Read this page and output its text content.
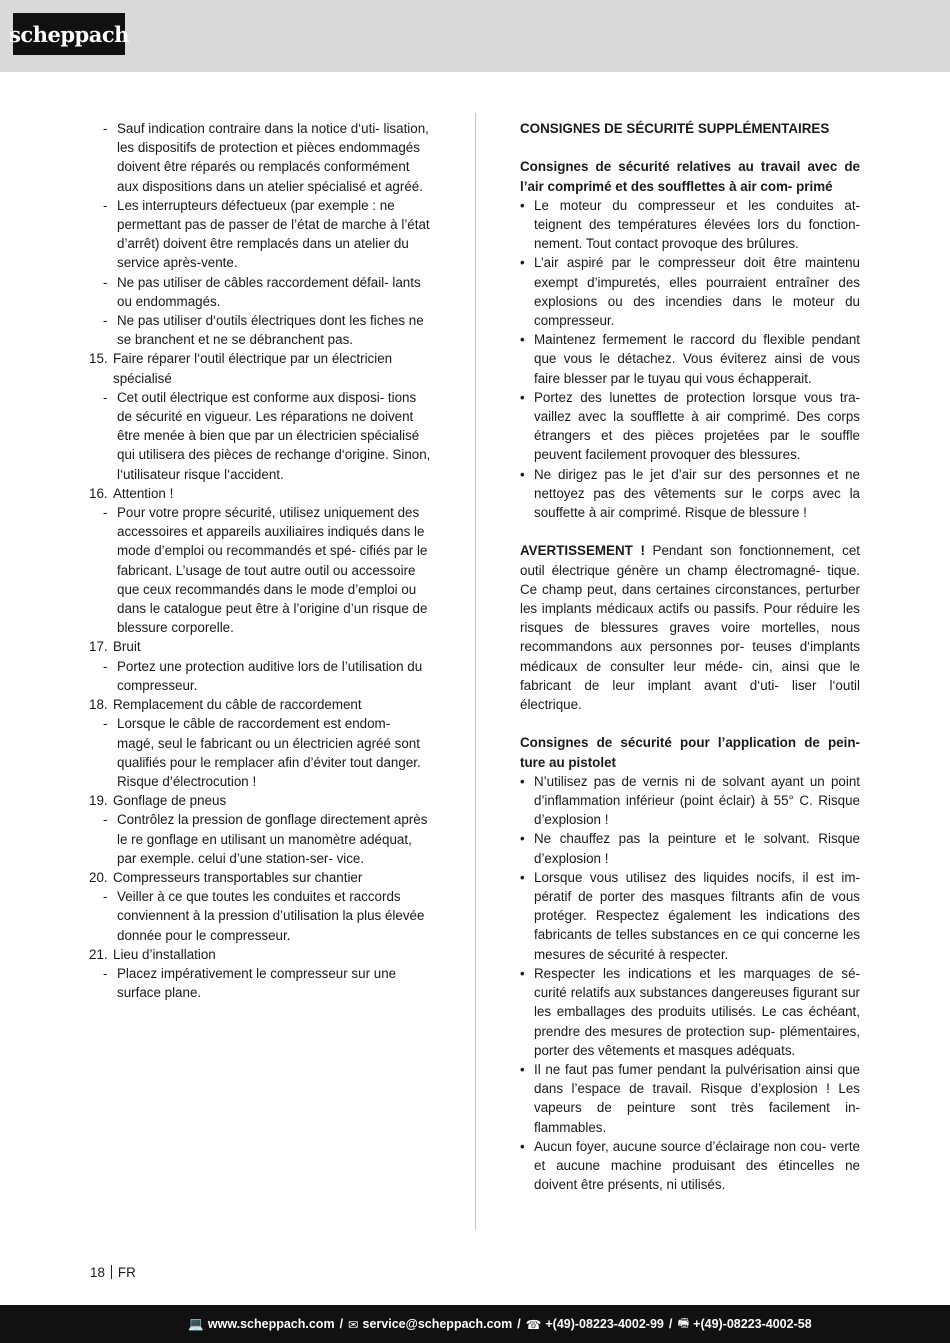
scheppach

- Sauf indication contraire dans la notice d‘uti- lisation, les dispositifs de protection et pièces endommagés doivent être réparés ou remplacés conformément aux dispositions dans un atelier spécialisé et agréé.

- Les interrupteurs défectueux (par exemple : ne permettant pas de passer de l’état de marche à l’état d’arrêt) doivent être remplacés dans un atelier du service après-vente.

- Ne pas utiliser de câbles raccordement défail- lants ou endommagés.

- Ne pas utiliser d‘outils électriques dont les fiches ne se branchent et ne se débranchent pas.

15. Faire réparer l‘outil électrique par un électricien spécialisé

- Cet outil électrique est conforme aux disposi- tions de sécurité en vigueur. Les réparations ne doivent être menée à bien que par un électricien spécialisé qui utilisera des pièces de rechange d‘origine. Sinon, l‘utilisateur risque l‘accident.

16. Attention !

- Pour votre propre sécurité, utilisez uniquement des accessoires et appareils auxiliaires indiqués dans le mode d’emploi ou recommandés et spé- cifiés par le fabricant. L’usage de tout autre outil ou accessoire que ceux recommandés dans le mode d’emploi ou dans le catalogue peut être à l’origine d’un risque de blessure corporelle.

17. Bruit

- Portez une protection auditive lors de l’utilisation du compresseur.

18. Remplacement du câble de raccordement

- Lorsque le câble de raccordement est endom- magé, seul le fabricant ou un électricien agréé sont qualifiés pour le remplacer afin d’éviter tout danger. Risque d’électrocution !

19. Gonflage de pneus

- Contrôlez la pression de gonflage directement après le re gonflage en utilisant un manomètre adéquat, par exemple. celui d’une station-ser- vice.

20. Compresseurs transportables sur chantier

- Veiller à ce que toutes les conduites et raccords conviennent à la pression d’utilisation la plus élevée donnée pour le compresseur.

21. Lieu d’installation

- Placez impérativement le compresseur sur une surface plane.

CONSIGNES DE SÉCURITÉ SUPPLÉMENTAIRES

Consignes de sécurité relatives au travail avec de l’air comprimé et des soufflettes à air com- primé

• Le moteur du compresseur et les conduites at- teignent des températures élevées lors du fonction- nement. Tout contact provoque des brûlures.

• L’air aspiré par le compresseur doit être maintenu exempt d’impuretés, elles pourraient entraîner des explosions ou des incendies dans le moteur du compresseur.

• Maintenez fermement le raccord du flexible pendant que vous le détachez. Vous éviterez ainsi de vous faire blesser par le tuyau qui vous échapperait.

• Portez des lunettes de protection lorsque vous tra- vaillez avec la soufflette à air comprimé. Des corps étrangers et des pièces projetées par le souffle peuvent facilement provoquer des blessures.

• Ne dirigez pas le jet d’air sur des personnes et ne nettoyez pas des vêtements sur le corps avec la souffette à air comprimé. Risque de blessure !

AVERTISSEMENT ! Pendant son fonctionnement, cet outil électrique génère un champ électromagné- tique. Ce champ peut, dans certaines circonstances, perturber les implants médicaux actifs ou passifs. Pour réduire les risques de blessures graves voire mortelles, nous recommandons aux personnes por- teuses d‘implants médicaux de consulter leur méde- cin, ainsi que le fabricant de leur implant avant d‘uti- liser l‘outil électrique.

Consignes de sécurité pour l’application de pein- ture au pistolet

• N’utilisez pas de vernis ni de solvant ayant un point d’inflammation inférieur (point éclair) à 55° C. Risque d’explosion !

• Ne chauffez pas la peinture et le solvant. Risque d’explosion !

• Lorsque vous utilisez des liquides nocifs, il est im- pératif de porter des masques filtrants afin de vous protéger. Respectez également les indications des fabricants de telles substances en ce qui concerne les mesures de sécurité à respecter.

• Respecter les indications et les marquages de sé- curité relatifs aux substances dangereuses figurant sur les emballages des produits utilisés. Le cas échéant, prendre des mesures de protection sup- plémentaires, porter des vêtements et masques adéquats.

• Il ne faut pas fumer pendant la pulvérisation ainsi que dans l’espace de travail. Risque d’explosion ! Les vapeurs de peinture sont très facilement in- flammables.

• Aucun foyer, aucune source d’éclairage non cou- verte et aucune machine produisant des étincelles ne doivent être présents, ni utilisés.

18 FR
💻 www.scheppach.com / ✉ service@scheppach.com / ☎ +(49)-08223-4002-99 / 🖷 +(49)-08223-4002-58
